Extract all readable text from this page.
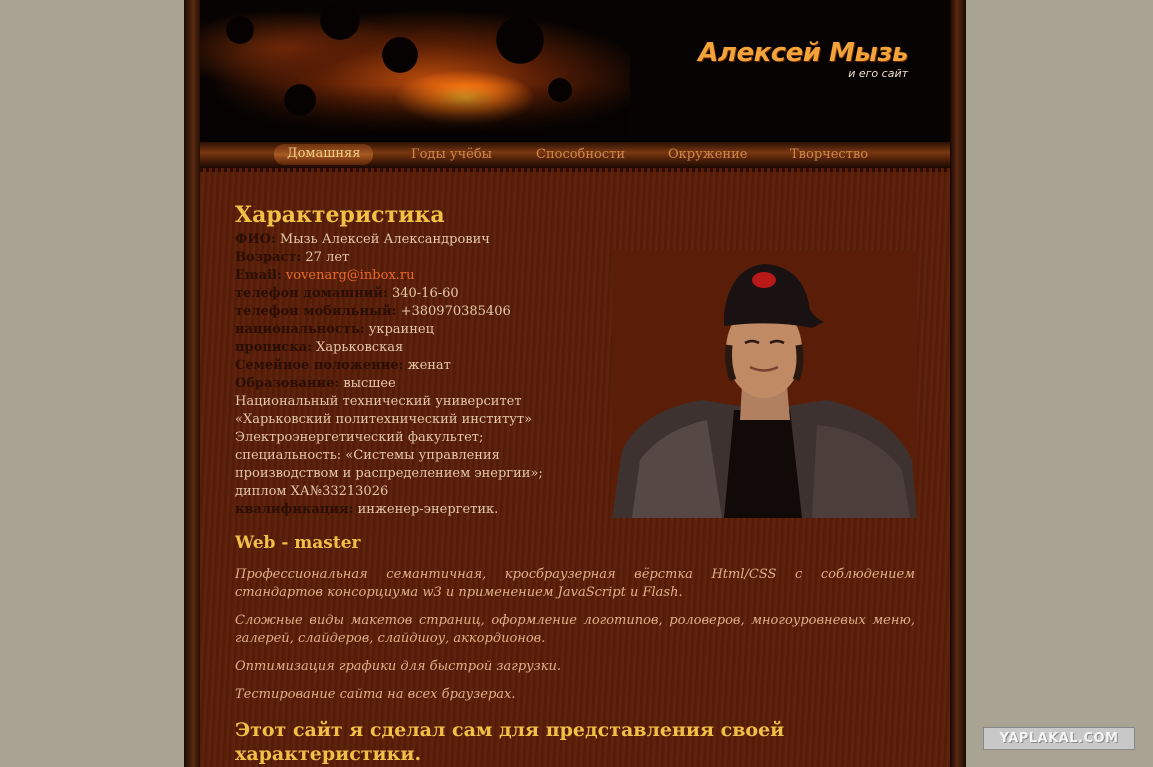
Алексей Мызь
и его сайт
Домашняя	Годы учёбы	Способности	Окружение	Творчество
Характеристика
ФИО: Мызь Алексей Александрович
Возраст: 27 лет
Email: vovenarg@inbox.ru
телефон домашний: 340-16-60
телефон мобильный: +380970385406
национальность: украинец
прописка: Харьковская
Семейное положение: женат
Образование: высшее
Национальный технический университет
«Харьковский политехнический институт»
Электроэнергетический факультет;
специальность: «Системы управления
производством и распределением энергии»;
диплом ХА№33213026
квалификация: инженер-энергетик.
Web - master
Профессиональная семантичная, кросбраузерная вёрстка Html/CSS с соблюдением стандартов консорциума w3 и применением JavaScript и Flash.
Сложные виды макетов страниц, оформление логотипов, роловеров, многоуровневых меню, галерей, слайдеров, слайдшоу, аккордионов.
Оптимизация графики для быстрой загрузки.
Тестирование сайта на всех браузерах.
Этот сайт я сделал сам для представления своей характеристики.
YAPLAKAL.COM
